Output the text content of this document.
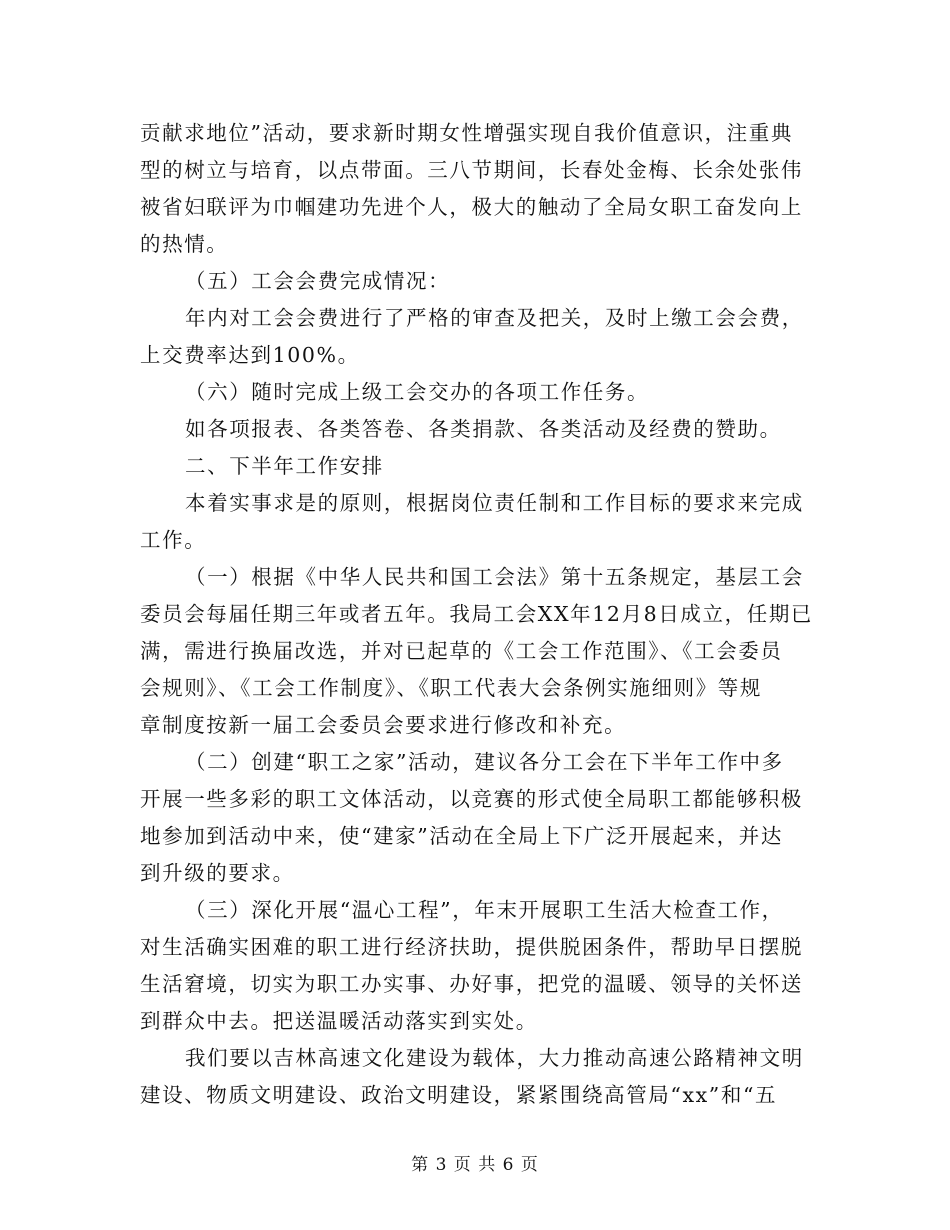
贡献求地位”活动，要求新时期女性增强实现自我价值意识，注重典

型的树立与培育，以点带面。三八节期间，长春处金梅、长余处张伟

被省妇联评为巾帼建功先进个人，极大的触动了全局女职工奋发向上

的热情。

（五）工会会费完成情况：

年内对工会会费进行了严格的审查及把关，及时上缴工会会费，

上交费率达到100%。

（六）随时完成上级工会交办的各项工作任务。

如各项报表、各类答卷、各类捐款、各类活动及经费的赞助。

二、下半年工作安排

本着实事求是的原则，根据岗位责任制和工作目标的要求来完成

工作。

（一）根据《中华人民共和国工会法》第十五条规定，基层工会

委员会每届任期三年或者五年。我局工会XX年12月8日成立，任期已

满，需进行换届改选，并对已起草的《工会工作范围》、《工会委员

会规则》、《工会工作制度》、《职工代表大会条例实施细则》等规

章制度按新一届工会委员会要求进行修改和补充。

（二）创建“职工之家”活动，建议各分工会在下半年工作中多

开展一些多彩的职工文体活动，以竞赛的形式使全局职工都能够积极

地参加到活动中来，使“建家”活动在全局上下广泛开展起来，并达

到升级的要求。

（三）深化开展“温心工程”，年末开展职工生活大检查工作，

对生活确实困难的职工进行经济扶助，提供脱困条件，帮助早日摆脱

生活窘境，切实为职工办实事、办好事，把党的温暖、领导的关怀送

到群众中去。把送温暖活动落实到实处。

我们要以吉林高速文化建设为载体，大力推动高速公路精神文明

建设、物质文明建设、政治文明建设，紧紧围绕高管局“xx”和“五

第 3 页 共 6 页
